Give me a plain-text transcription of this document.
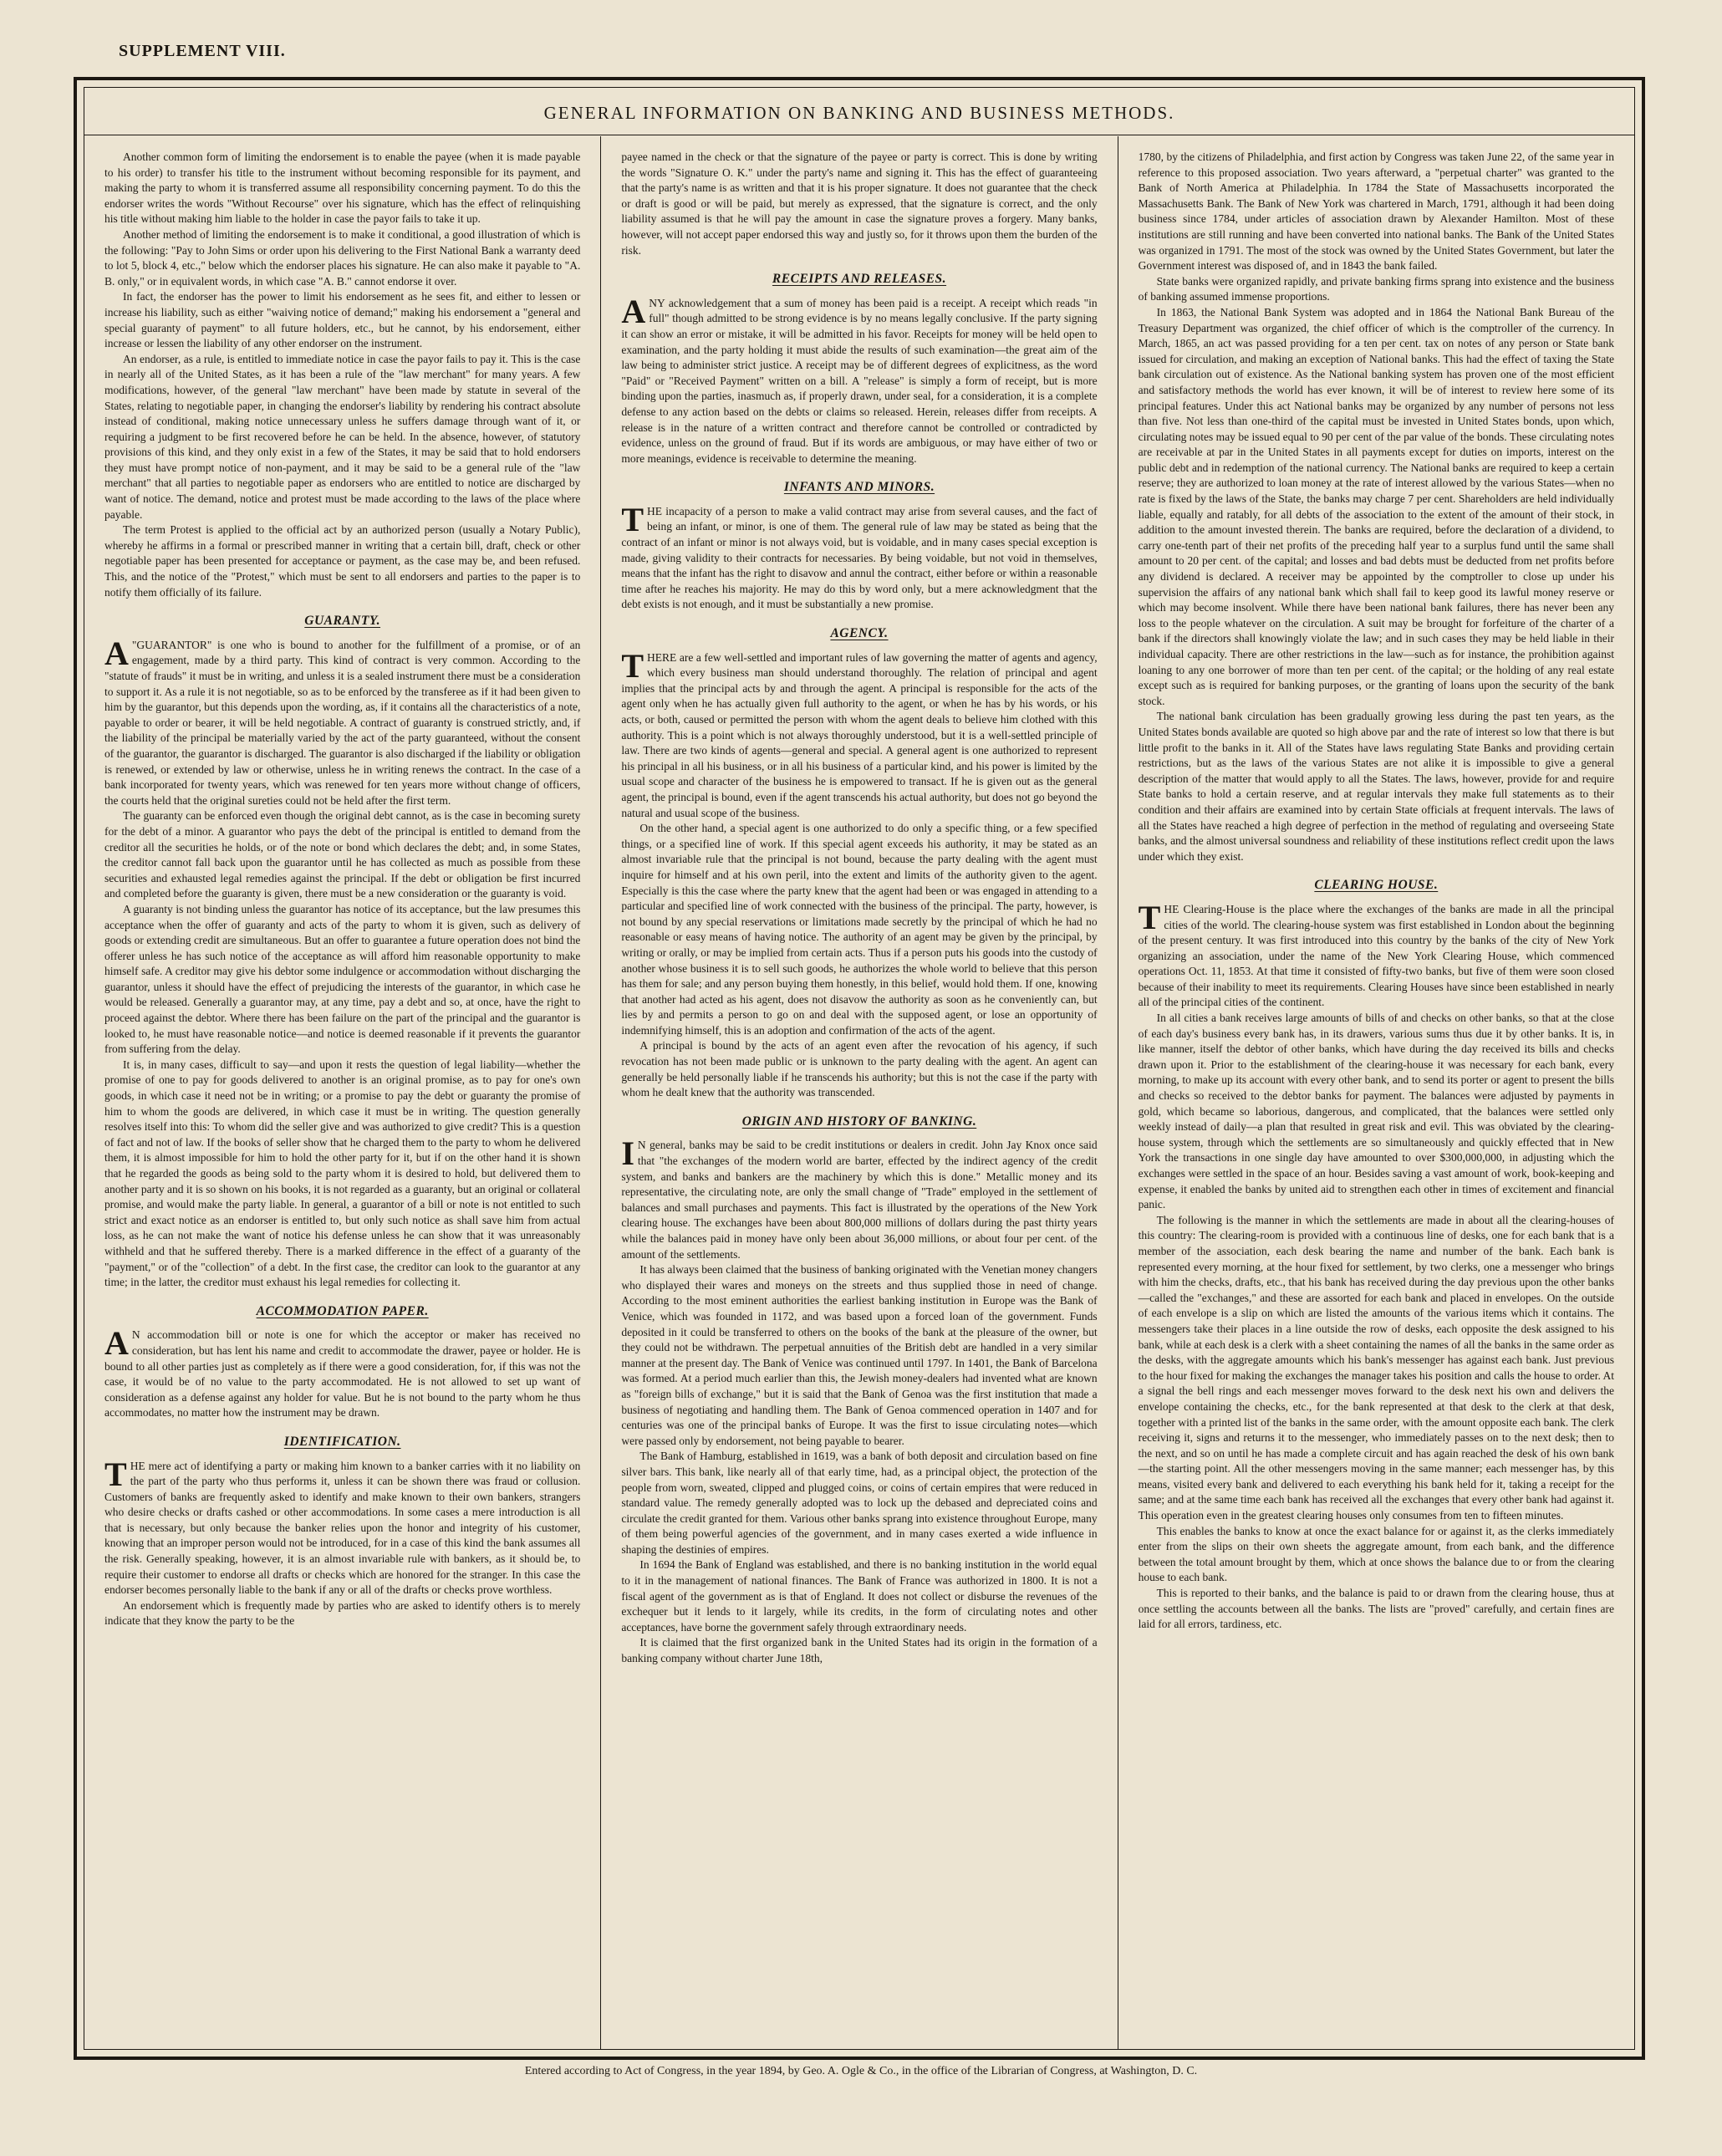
SUPPLEMENT VIII.
GENERAL INFORMATION ON BANKING AND BUSINESS METHODS.

Another common form of limiting the endorsement is to enable the payee (when it is made payable to his order) to transfer his title to the instrument without becoming responsible for its payment, and making the party to whom it is transferred assume all responsibility concerning payment. To do this the endorser writes the words "Without Recourse" over his signature, which has the effect of relinquishing his title without making him liable to the holder in case the payor fails to take it up.

Another method of limiting the endorsement is to make it conditional, a good illustration of which is the following: "Pay to John Sims or order upon his delivering to the First National Bank a warranty deed to lot 5, block 4, etc.," below which the endorser places his signature. He can also make it payable to "A. B. only," or in equivalent words, in which case "A. B." cannot endorse it over.

In fact, the endorser has the power to limit his endorsement as he sees fit, and either to lessen or increase his liability, such as either "waiving notice of demand;" making his endorsement a "general and special guaranty of payment" to all future holders, etc., but he cannot, by his endorsement, either increase or lessen the liability of any other endorser on the instrument.

An endorser, as a rule, is entitled to immediate notice in case the payor fails to pay it. This is the case in nearly all of the United States, as it has been a rule of the "law merchant" for many years. A few modifications, however, of the general "law merchant" have been made by statute in several of the States, relating to negotiable paper, in changing the endorser's liability by rendering his contract absolute instead of conditional, making notice unnecessary unless he suffers damage through want of it, or requiring a judgment to be first recovered before he can be held. In the absence, however, of statutory provisions of this kind, and they only exist in a few of the States, it may be said that to hold endorsers they must have prompt notice of non-payment, and it may be said to be a general rule of the "law merchant" that all parties to negotiable paper as endorsers who are entitled to notice are discharged by want of notice. The demand, notice and protest must be made according to the laws of the place where payable.

The term Protest is applied to the official act by an authorized person (usually a Notary Public), whereby he affirms in a formal or prescribed manner in writing that a certain bill, draft, check or other negotiable paper has been presented for acceptance or payment, as the case may be, and been refused. This, and the notice of the "Protest," which must be sent to all endorsers and parties to the paper is to notify them officially of its failure.

GUARANTY.

A "GUARANTOR" is one who is bound to another for the fulfillment of a promise, or of an engagement, made by a third party. This kind of contract is very common. According to the "statute of frauds" it must be in writing, and unless it is a sealed instrument there must be a consideration to support it. As a rule it is not negotiable, so as to be enforced by the transferee as if it had been given to him by the guarantor, but this depends upon the wording, as, if it contains all the characteristics of a note, payable to order or bearer, it will be held negotiable. A contract of guaranty is construed strictly, and, if the liability of the principal be materially varied by the act of the party guaranteed, without the consent of the guarantor, the guarantor is discharged. The guarantor is also discharged if the liability or obligation is renewed, or extended by law or otherwise, unless he in writing renews the contract. In the case of a bank incorporated for twenty years, which was renewed for ten years more without change of officers, the courts held that the original sureties could not be held after the first term.

The guaranty can be enforced even though the original debt cannot, as is the case in becoming surety for the debt of a minor. A guarantor who pays the debt of the principal is entitled to demand from the creditor all the securities he holds, or of the note or bond which declares the debt; and, in some States, the creditor cannot fall back upon the guarantor until he has collected as much as possible from these securities and exhausted legal remedies against the principal. If the debt or obligation be first incurred and completed before the guaranty is given, there must be a new consideration or the guaranty is void.

A guaranty is not binding unless the guarantor has notice of its acceptance, but the law presumes this acceptance when the offer of guaranty and acts of the party to whom it is given, such as delivery of goods or extending credit are simultaneous. But an offer to guarantee a future operation does not bind the offerer unless he has such notice of the acceptance as will afford him reasonable opportunity to make himself safe. A creditor may give his debtor some indulgence or accommodation without discharging the guarantor, unless it should have the effect of prejudicing the interests of the guarantor, in which case he would be released. Generally a guarantor may, at any time, pay a debt and so, at once, have the right to proceed against the debtor. Where there has been failure on the part of the principal and the guarantor is looked to, he must have reasonable notice—and notice is deemed reasonable if it prevents the guarantor from suffering from the delay.

It is, in many cases, difficult to say—and upon it rests the question of legal liability—whether the promise of one to pay for goods delivered to another is an original promise, as to pay for one's own goods, in which case it need not be in writing; or a promise to pay the debt or guaranty the promise of him to whom the goods are delivered, in which case it must be in writing. The question generally resolves itself into this: To whom did the seller give and was authorized to give credit? This is a question of fact and not of law. If the books of seller show that he charged them to the party to whom he delivered them, it is almost impossible for him to hold the other party for it, but if on the other hand it is shown that he regarded the goods as being sold to the party whom it is desired to hold, but delivered them to another party and it is so shown on his books, it is not regarded as a guaranty, but an original or collateral promise, and would make the party liable. In general, a guarantor of a bill or note is not entitled to such strict and exact notice as an endorser is entitled to, but only such notice as shall save him from actual loss, as he can not make the want of notice his defense unless he can show that it was unreasonably withheld and that he suffered thereby. There is a marked difference in the effect of a guaranty of the "payment," or of the "collection" of a debt. In the first case, the creditor can look to the guarantor at any time; in the latter, the creditor must exhaust his legal remedies for collecting it.

ACCOMMODATION PAPER.

A N accommodation bill or note is one for which the acceptor or maker has received no consideration, but has lent his name and credit to accommodate the drawer, payee or holder. He is bound to all other parties just as completely as if there were a good consideration, for, if this was not the case, it would be of no value to the party accommodated. He is not allowed to set up want of consideration as a defense against any holder for value. But he is not bound to the party whom he thus accommodates, no matter how the instrument may be drawn.

IDENTIFICATION.

THE mere act of identifying a party or making him known to a banker carries with it no liability on the part of the party who thus performs it, unless it can be shown there was fraud or collusion. Customers of banks are frequently asked to identify and make known to their own bankers, strangers who desire checks or drafts cashed or other accommodations. In some cases a mere introduction is all that is necessary, but only because the banker relies upon the honor and integrity of his customer, knowing that an improper person would not be introduced, for in a case of this kind the bank assumes all the risk. Generally speaking, however, it is an almost invariable rule with bankers, as it should be, to require their customer to endorse all drafts or checks which are honored for the stranger. In this case the endorser becomes personally liable to the bank if any or all of the drafts or checks prove worthless.

An endorsement which is frequently made by parties who are asked to identify others is to merely indicate that they know the party to be the

payee named in the check or that the signature of the payee or party is correct. This is done by writing the words "Signature O. K." under the party's name and signing it. This has the effect of guaranteeing that the party's name is as written and that it is his proper signature. It does not guarantee that the check or draft is good or will be paid, but merely as expressed, that the signature is correct, and the only liability assumed is that he will pay the amount in case the signature proves a forgery. Many banks, however, will not accept paper endorsed this way and justly so, for it throws upon them the burden of the risk.

RECEIPTS AND RELEASES.

ANY acknowledgement that a sum of money has been paid is a receipt. A receipt which reads "in full" though admitted to be strong evidence is by no means legally conclusive. If the party signing it can show an error or mistake, it will be admitted in his favor. Receipts for money will be held open to examination, and the party holding it must abide the results of such examination—the great aim of the law being to administer strict justice. A receipt may be of different degrees of explicitness, as the word "Paid" or "Received Payment" written on a bill. A "release" is simply a form of receipt, but is more binding upon the parties, inasmuch as, if properly drawn, under seal, for a consideration, it is a complete defense to any action based on the debts or claims so released. Herein, releases differ from receipts. A release is in the nature of a written contract and therefore cannot be controlled or contradicted by evidence, unless on the ground of fraud. But if its words are ambiguous, or may have either of two or more meanings, evidence is receivable to determine the meaning.

INFANTS AND MINORS.

THE incapacity of a person to make a valid contract may arise from several causes, and the fact of being an infant, or minor, is one of them. The general rule of law may be stated as being that the contract of an infant or minor is not always void, but is voidable, and in many cases special exception is made, giving validity to their contracts for necessaries. By being voidable, but not void in themselves, means that the infant has the right to disavow and annul the contract, either before or within a reasonable time after he reaches his majority. He may do this by word only, but a mere acknowledgment that the debt exists is not enough, and it must be substantially a new promise.

AGENCY.

THERE are a few well-settled and important rules of law governing the matter of agents and agency, which every business man should understand thoroughly. The relation of principal and agent implies that the principal acts by and through the agent. A principal is responsible for the acts of the agent only when he has actually given full authority to the agent, or when he has by his words, or his acts, or both, caused or permitted the person with whom the agent deals to believe him clothed with this authority. This is a point which is not always thoroughly understood, but it is a well-settled principle of law. There are two kinds of agents—general and special. A general agent is one authorized to represent his principal in all his business, or in all his business of a particular kind, and his power is limited by the usual scope and character of the business he is empowered to transact. If he is given out as the general agent, the principal is bound, even if the agent transcends his actual authority, but does not go beyond the natural and usual scope of the business.

On the other hand, a special agent is one authorized to do only a specific thing, or a few specified things, or a specified line of work. If this special agent exceeds his authority, it may be stated as an almost invariable rule that the principal is not bound, because the party dealing with the agent must inquire for himself and at his own peril, into the extent and limits of the authority given to the agent. Especially is this the case where the party knew that the agent had been or was engaged in attending to a particular and specified line of work connected with the business of the principal. The party, however, is not bound by any special reservations or limitations made secretly by the principal of which he had no reasonable or easy means of having notice. The authority of an agent may be given by the principal, by writing or orally, or may be implied from certain acts. Thus if a person puts his goods into the custody of another whose business it is to sell such goods, he authorizes the whole world to believe that this person has them for sale; and any person buying them honestly, in this belief, would hold them. If one, knowing that another had acted as his agent, does not disavow the authority as soon as he conveniently can, but lies by and permits a person to go on and deal with the supposed agent, or lose an opportunity of indemnifying himself, this is an adoption and confirmation of the acts of the agent.

A principal is bound by the acts of an agent even after the revocation of his agency, if such revocation has not been made public or is unknown to the party dealing with the agent. An agent can generally be held personally liable if he transcends his authority; but this is not the case if the party with whom he dealt knew that the authority was transcended.

ORIGIN AND HISTORY OF BANKING.

I N general, banks may be said to be credit institutions or dealers in credit. John Jay Knox once said that "the exchanges of the modern world are barter, effected by the indirect agency of the credit system, and banks and bankers are the machinery by which this is done." Metallic money and its representative, the circulating note, are only the small change of "Trade" employed in the settlement of balances and small purchases and payments. This fact is illustrated by the operations of the New York clearing house. The exchanges have been about 800,000 millions of dollars during the past thirty years while the balances paid in money have only been about 36,000 millions, or about four per cent. of the amount of the settlements.

It has always been claimed that the business of banking originated with the Venetian money changers who displayed their wares and moneys on the streets and thus supplied those in need of change. According to the most eminent authorities the earliest banking institution in Europe was the Bank of Venice, which was founded in 1172, and was based upon a forced loan of the government. Funds deposited in it could be transferred to others on the books of the bank at the pleasure of the owner, but they could not be withdrawn. The perpetual annuities of the British debt are handled in a very similar manner at the present day. The Bank of Venice was continued until 1797. In 1401, the Bank of Barcelona was formed. At a period much earlier than this, the Jewish money-dealers had invented what are known as "foreign bills of exchange," but it is said that the Bank of Genoa was the first institution that made a business of negotiating and handling them. The Bank of Genoa commenced operation in 1407 and for centuries was one of the principal banks of Europe. It was the first to issue circulating notes—which were passed only by endorsement, not being payable to bearer.

The Bank of Hamburg, established in 1619, was a bank of both deposit and circulation based on fine silver bars. This bank, like nearly all of that early time, had, as a principal object, the protection of the people from worn, sweated, clipped and plugged coins, or coins of certain empires that were reduced in standard value. The remedy generally adopted was to lock up the debased and depreciated coins and circulate the credit granted for them. Various other banks sprang into existence throughout Europe, many of them being powerful agencies of the government, and in many cases exerted a wide influence in shaping the destinies of empires.

In 1694 the Bank of England was established, and there is no banking institution in the world equal to it in the management of national finances. The Bank of France was authorized in 1800. It is not a fiscal agent of the government as is that of England. It does not collect or disburse the revenues of the exchequer but it lends to it largely, while its credits, in the form of circulating notes and other acceptances, have borne the government safely through extraordinary needs.

It is claimed that the first organized bank in the United States had its origin in the formation of a banking company without charter June 18th,

1780, by the citizens of Philadelphia, and first action by Congress was taken June 22, of the same year in reference to this proposed association. Two years afterward, a "perpetual charter" was granted to the Bank of North America at Philadelphia. In 1784 the State of Massachusetts incorporated the Massachusetts Bank. The Bank of New York was chartered in March, 1791, although it had been doing business since 1784, under articles of association drawn by Alexander Hamilton. Most of these institutions are still running and have been converted into national banks. The Bank of the United States was organized in 1791. The most of the stock was owned by the United States Government, but later the Government interest was disposed of, and in 1843 the bank failed.

State banks were organized rapidly, and private banking firms sprang into existence and the business of banking assumed immense proportions.

In 1863, the National Bank System was adopted and in 1864 the National Bank Bureau of the Treasury Department was organized, the chief officer of which is the comptroller of the currency. In March, 1865, an act was passed providing for a ten per cent. tax on notes of any person or State bank issued for circulation, and making an exception of National banks. This had the effect of taxing the State bank circulation out of existence. As the National banking system has proven one of the most efficient and satisfactory methods the world has ever known, it will be of interest to review here some of its principal features. Under this act National banks may be organized by any number of persons not less than five. Not less than one-third of the capital must be invested in United States bonds, upon which, circulating notes may be issued equal to 90 per cent of the par value of the bonds. These circulating notes are receivable at par in the United States in all payments except for duties on imports, interest on the public debt and in redemption of the national currency. The National banks are required to keep a certain reserve; they are authorized to loan money at the rate of interest allowed by the various States—when no rate is fixed by the laws of the State, the banks may charge 7 per cent. Shareholders are held individually liable, equally and ratably, for all debts of the association to the extent of the amount of their stock, in addition to the amount invested therein. The banks are required, before the declaration of a dividend, to carry one-tenth part of their net profits of the preceding half year to a surplus fund until the same shall amount to 20 per cent. of the capital; and losses and bad debts must be deducted from net profits before any dividend is declared. A receiver may be appointed by the comptroller to close up under his supervision the affairs of any national bank which shall fail to keep good its lawful money reserve or which may become insolvent. While there have been national bank failures, there has never been any loss to the people whatever on the circulation. A suit may be brought for forfeiture of the charter of a bank if the directors shall knowingly violate the law; and in such cases they may be held liable in their individual capacity. There are other restrictions in the law—such as for instance, the prohibition against loaning to any one borrower of more than ten per cent. of the capital; or the holding of any real estate except such as is required for banking purposes, or the granting of loans upon the security of the bank stock.

The national bank circulation has been gradually growing less during the past ten years, as the United States bonds available are quoted so high above par and the rate of interest so low that there is but little profit to the banks in it. All of the States have laws regulating State Banks and providing certain restrictions, but as the laws of the various States are not alike it is impossible to give a general description of the matter that would apply to all the States. The laws, however, provide for and require State banks to hold a certain reserve, and at regular intervals they make full statements as to their condition and their affairs are examined into by certain State officials at frequent intervals. The laws of all the States have reached a high degree of perfection in the method of regulating and overseeing State banks, and the almost universal soundness and reliability of these institutions reflect credit upon the laws under which they exist.

CLEARING HOUSE.

THE Clearing-House is the place where the exchanges of the banks are made in all the principal cities of the world. The clearing-house system was first established in London about the beginning of the present century. It was first introduced into this country by the banks of the city of New York organizing an association, under the name of the New York Clearing House, which commenced operations Oct. 11, 1853. At that time it consisted of fifty-two banks, but five of them were soon closed because of their inability to meet its requirements. Clearing Houses have since been established in nearly all of the principal cities of the continent.

In all cities a bank receives large amounts of bills of and checks on other banks, so that at the close of each day's business every bank has, in its drawers, various sums thus due it by other banks. It is, in like manner, itself the debtor of other banks, which have during the day received its bills and checks drawn upon it. Prior to the establishment of the clearing-house it was necessary for each bank, every morning, to make up its account with every other bank, and to send its porter or agent to present the bills and checks so received to the debtor banks for payment. The balances were adjusted by payments in gold, which became so laborious, dangerous, and complicated, that the balances were settled only weekly instead of daily—a plan that resulted in great risk and evil. This was obviated by the clearing-house system, through which the settlements are so simultaneously and quickly effected that in New York the transactions in one single day have amounted to over $300,000,000, in adjusting which the exchanges were settled in the space of an hour. Besides saving a vast amount of work, book-keeping and expense, it enabled the banks by united aid to strengthen each other in times of excitement and financial panic.

The following is the manner in which the settlements are made in about all the clearing-houses of this country: The clearing-room is provided with a continuous line of desks, one for each bank that is a member of the association, each desk bearing the name and number of the bank. Each bank is represented every morning, at the hour fixed for settlement, by two clerks, one a messenger who brings with him the checks, drafts, etc., that his bank has received during the day previous upon the other banks—called the "exchanges," and these are assorted for each bank and placed in envelopes. On the outside of each envelope is a slip on which are listed the amounts of the various items which it contains. The messengers take their places in a line outside the row of desks, each opposite the desk assigned to his bank, while at each desk is a clerk with a sheet containing the names of all the banks in the same order as the desks, with the aggregate amounts which his bank's messenger has against each bank. Just previous to the hour fixed for making the exchanges the manager takes his position and calls the house to order. At a signal the bell rings and each messenger moves forward to the desk next his own and delivers the envelope containing the checks, etc., for the bank represented at that desk to the clerk at that desk, together with a printed list of the banks in the same order, with the amount opposite each bank. The clerk receiving it, signs and returns it to the messenger, who immediately passes on to the next desk; then to the next, and so on until he has made a complete circuit and has again reached the desk of his own bank—the starting point. All the other messengers moving in the same manner; each messenger has, by this means, visited every bank and delivered to each everything his bank held for it, taking a receipt for the same; and at the same time each bank has received all the exchanges that every other bank had against it. This operation even in the greatest clearing houses only consumes from ten to fifteen minutes.

This enables the banks to know at once the exact balance for or against it, as the clerks immediately enter from the slips on their own sheets the aggregate amount, from each bank, and the difference between the total amount brought by them, which at once shows the balance due to or from the clearing house to each bank.

This is reported to their banks, and the balance is paid to or drawn from the clearing house, thus at once settling the accounts between all the banks. The lists are "proved" carefully, and certain fines are laid for all errors, tardiness, etc.

Entered according to Act of Congress, in the year 1894, by Geo. A. Ogle & Co., in the office of the Librarian of Congress, at Washington, D. C.
